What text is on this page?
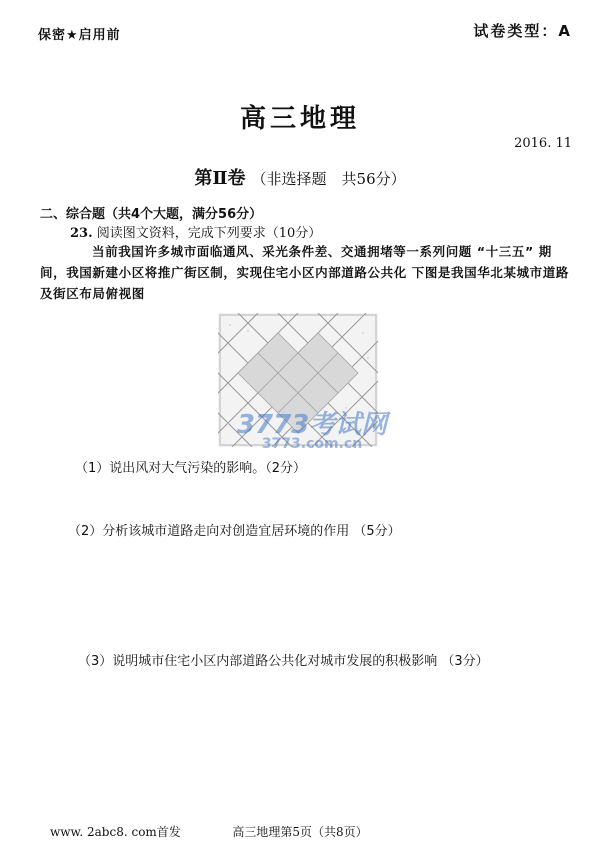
保密★启用前	试卷类型：A
高三地理
2016. 11
第Ⅱ卷 （非选择题　共56分）
二、综合题（共4个大题，满分56分）
23. 阅读图文资料，完成下列要求（10分）
当前我国许多城市面临通风、采光条件差、交通拥堵等一系列问题 “十三五” 期间，我国新建小区将推广街区制，实现住宅小区内部道路公共化 下图是我国华北某城市道路及街区布局俯视图
3773考试网
3773.com.cn
（1）说出风对大气污染的影响。（2分）
（2）分析该城市道路走向对创造宜居环境的作用 （5分）
（3）说明城市住宅小区内部道路公共化对城市发展的积极影响 （3分）
www. 2abc8. com首发	高三地理第5页（共8页）
